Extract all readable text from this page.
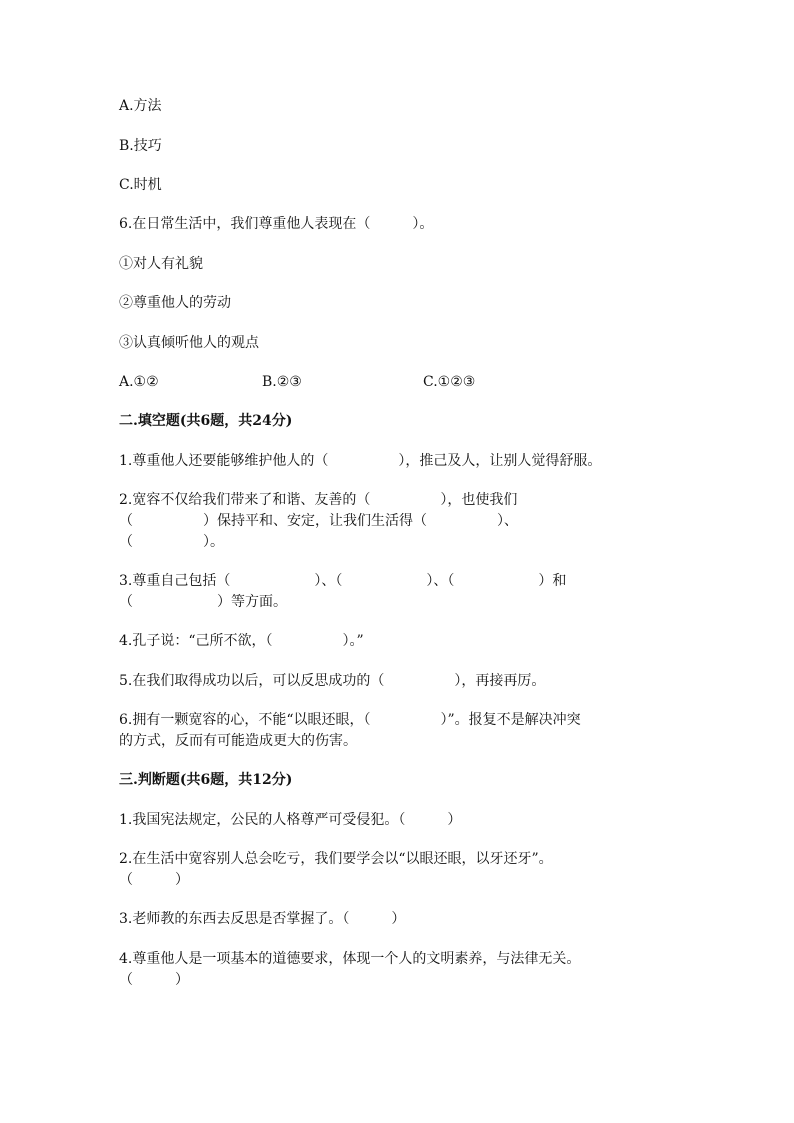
A.方法
B.技巧
C.时机
6.在日常生活中，我们尊重他人表现在（　　　）。
①对人有礼貌
②尊重他人的劳动
③认真倾听他人的观点
A.①②	B.②③	C.①②③
二.填空题(共6题，共24分)
1.尊重他人还要能够维护他人的（　　　　　），推己及人，让别人觉得舒服。
2.宽容不仅给我们带来了和谐、友善的（　　　　　），也使我们
（　　　　　）保持平和、安定，让我们生活得（　　　　　）、
（　　　　　）。
3.尊重自己包括（　　　　　　）、（　　　　　　）、（　　　　　　）和
（　　　　　　）等方面。
4.孔子说：“己所不欲，（　　　　　）。”
5.在我们取得成功以后，可以反思成功的（　　　　　），再接再厉。
6.拥有一颗宽容的心，不能“以眼还眼，（　　　　　）”。报复不是解决冲突
的方式，反而有可能造成更大的伤害。
三.判断题(共6题，共12分)
1.我国宪法规定，公民的人格尊严可受侵犯。（　　　）
2.在生活中宽容别人总会吃亏，我们要学会以“以眼还眼，以牙还牙”。
（　　　）
3.老师教的东西去反思是否掌握了。（　　　）
4.尊重他人是一项基本的道德要求，体现一个人的文明素养，与法律无关。
（　　　）
